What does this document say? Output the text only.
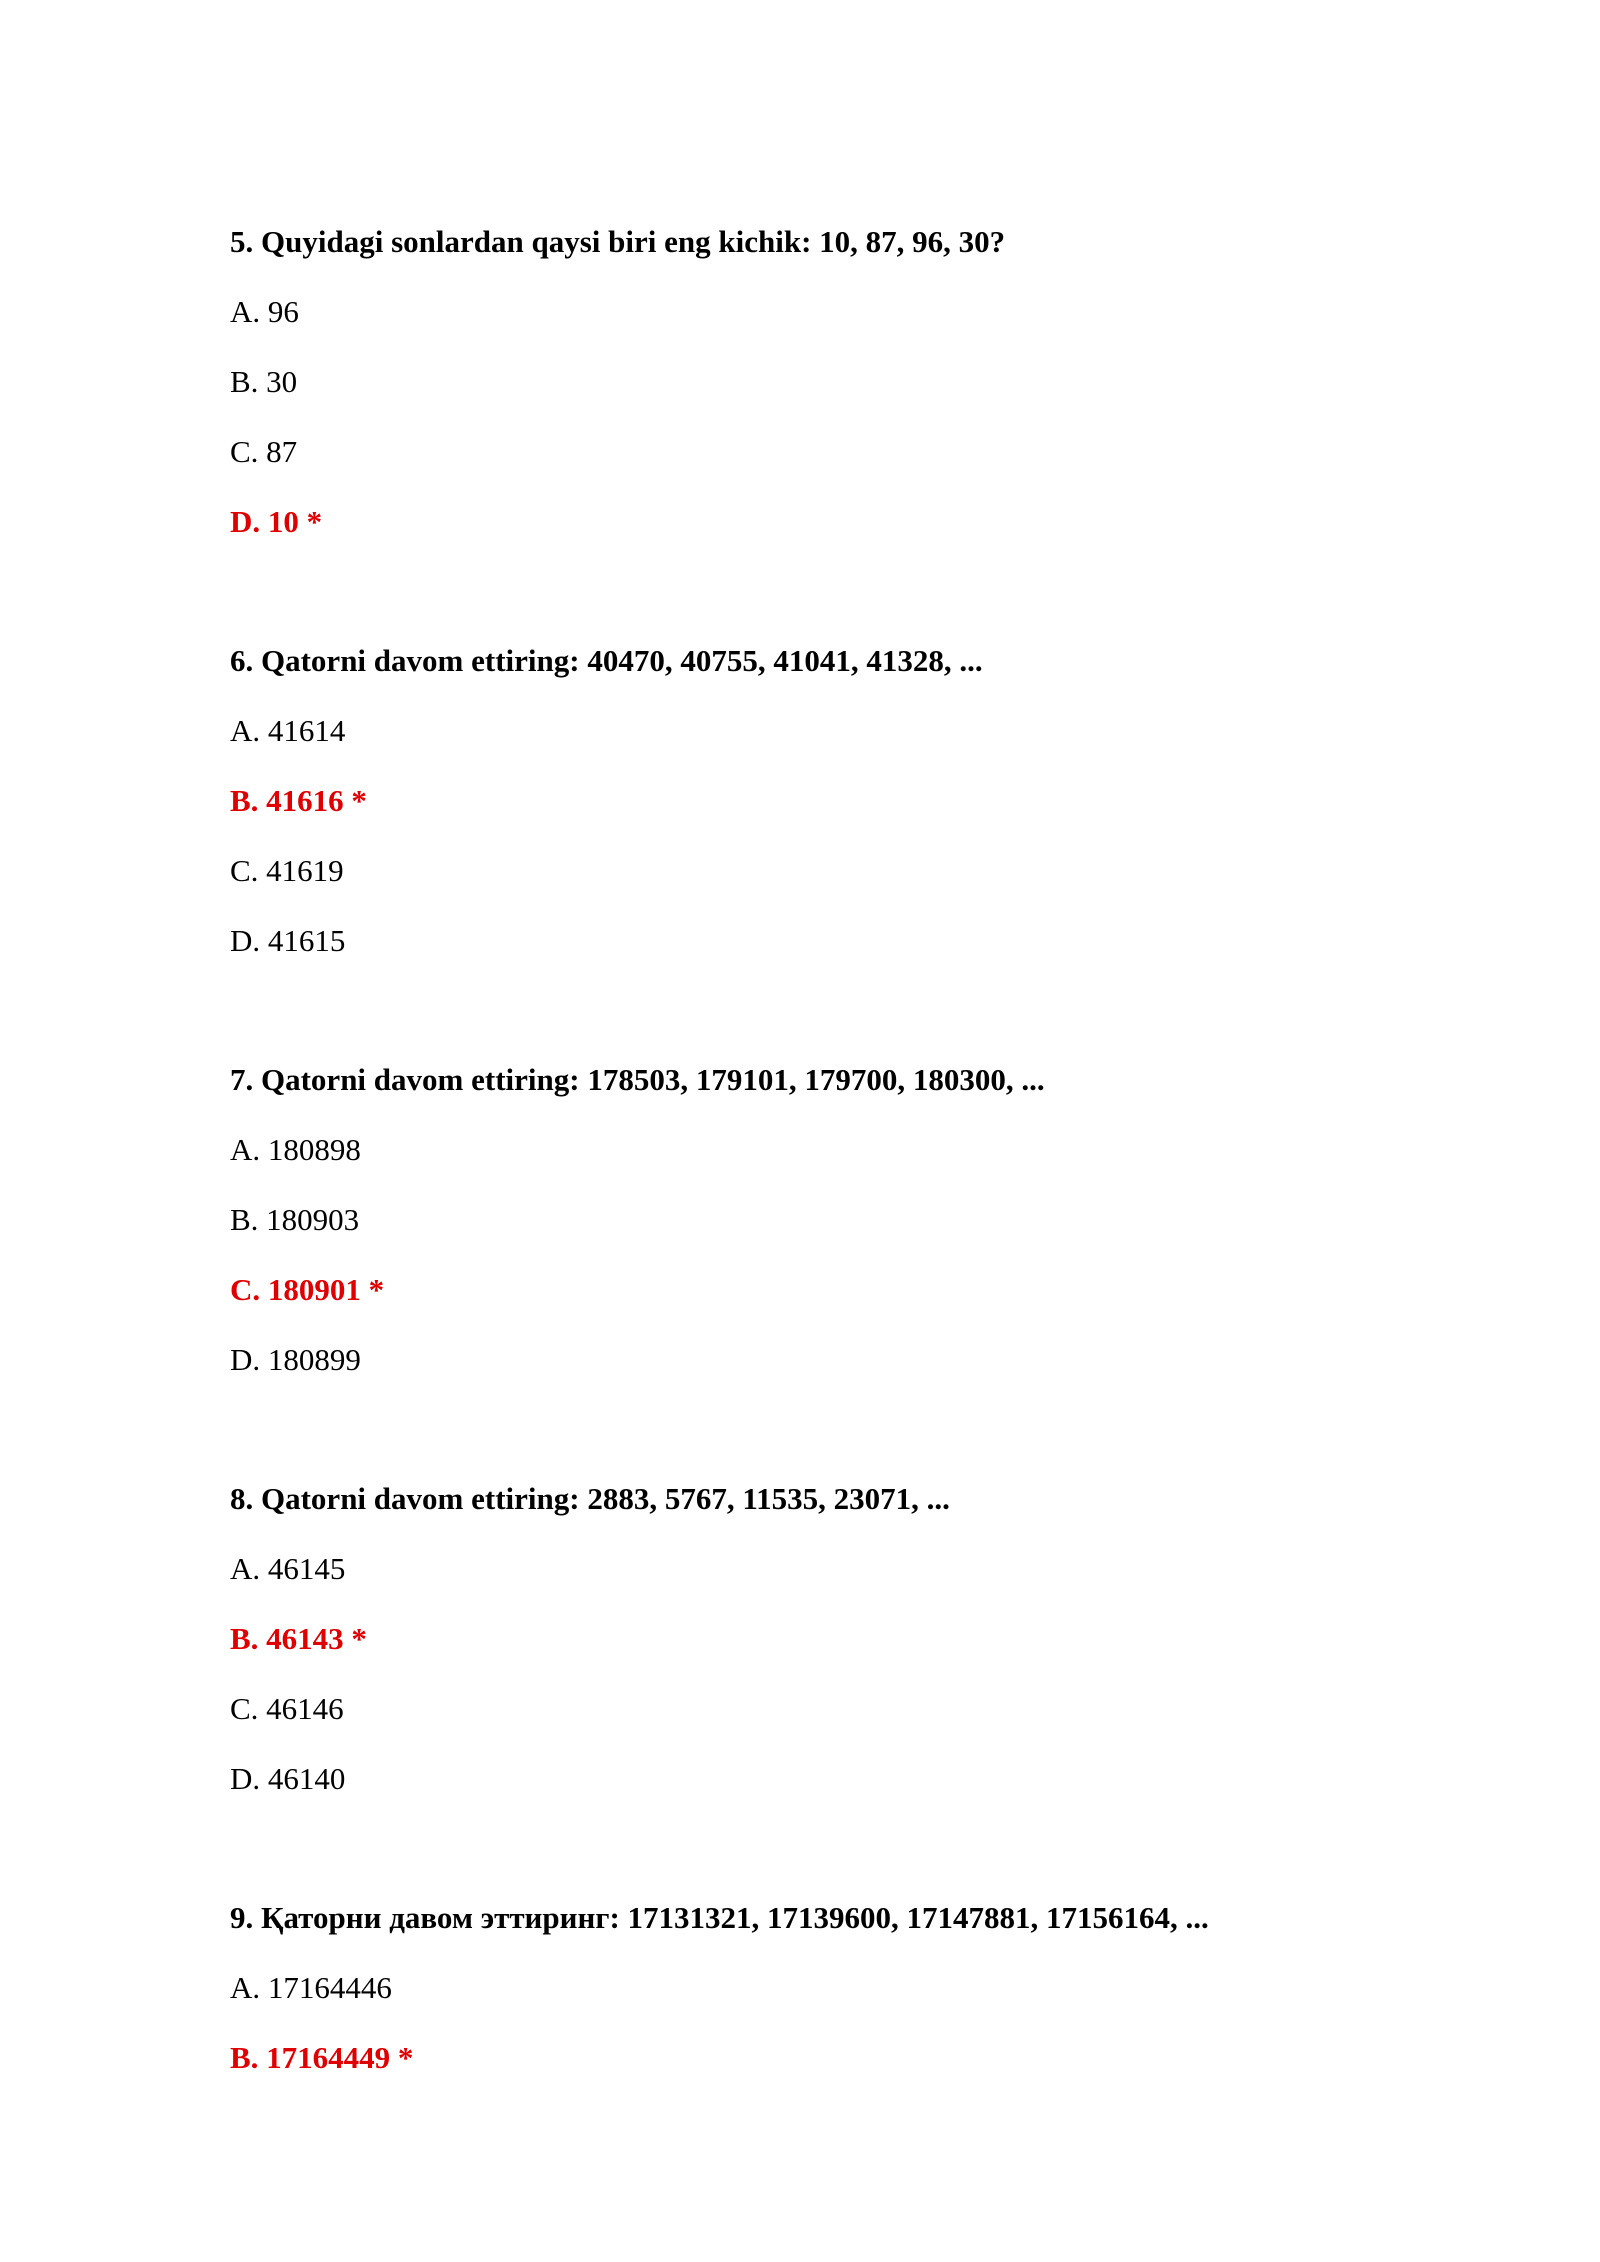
5. Quyidagi sonlardan qaysi biri eng kichik: 10, 87, 96, 30?

A. 96

B. 30

C. 87

D. 10 *

6. Qatorni davom ettiring: 40470, 40755, 41041, 41328, ...

A. 41614

B. 41616 *

C. 41619

D. 41615

7. Qatorni davom ettiring: 178503, 179101, 179700, 180300, ...

A. 180898

B. 180903

C. 180901 *

D. 180899

8. Qatorni davom ettiring: 2883, 5767, 11535, 23071, ...

A. 46145

B. 46143 *

C. 46146

D. 46140

9. Қаторни давом эттиринг: 17131321, 17139600, 17147881, 17156164, ...

A. 17164446

B. 17164449 *
